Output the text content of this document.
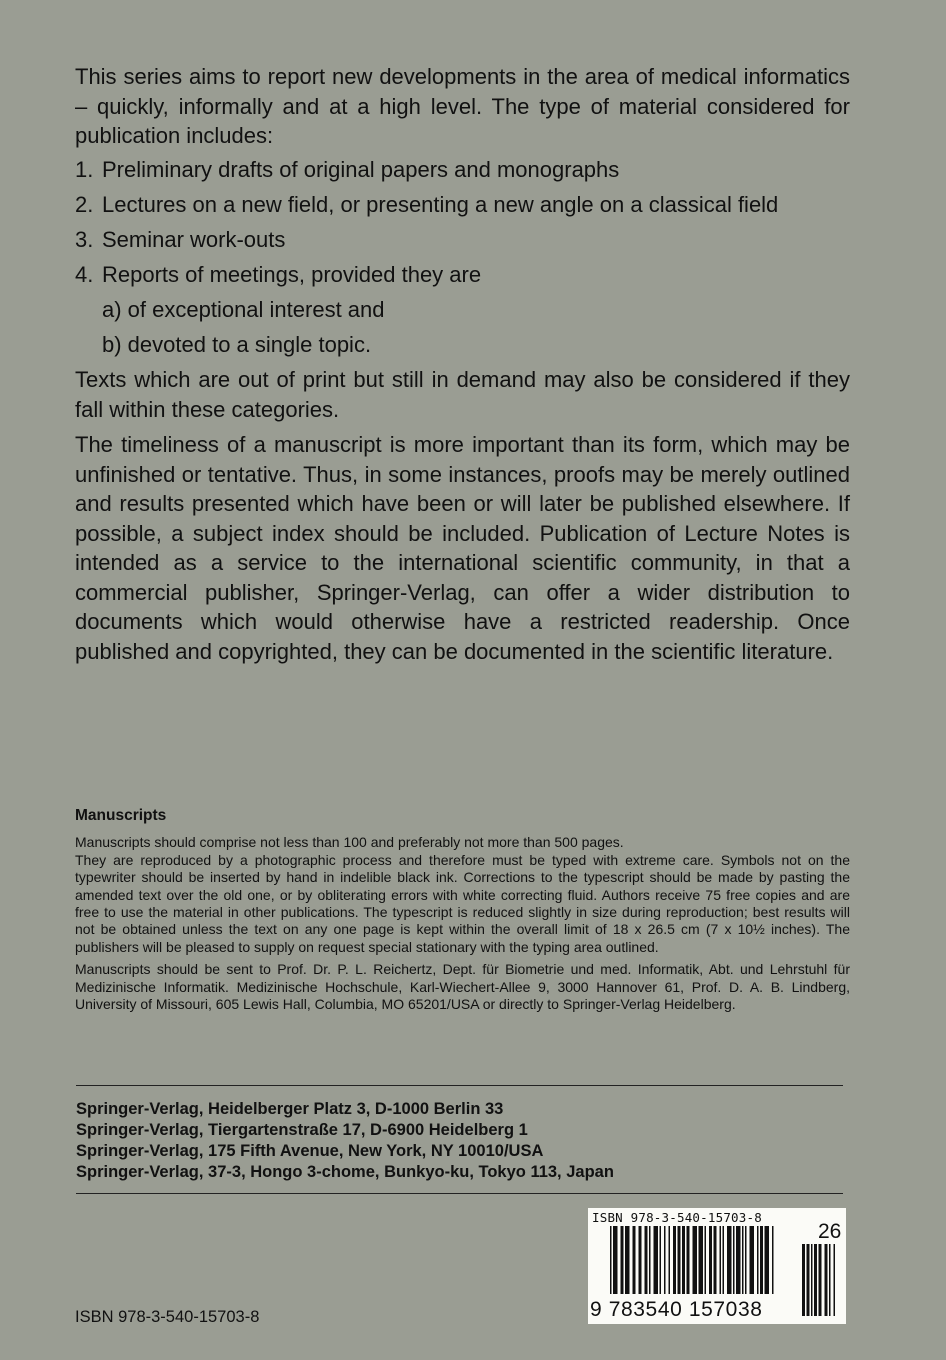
This series aims to report new developments in the area of medical informatics – quickly, informally and at a high level. The type of material considered for publication includes:

1. Preliminary drafts of original papers and monographs
2. Lectures on a new field, or presenting a new angle on a classical field
3. Seminar work-outs
4. Reports of meetings, provided they are
a) of exceptional interest and
b) devoted to a single topic.

Texts which are out of print but still in demand may also be considered if they fall within these categories.

The timeliness of a manuscript is more important than its form, which may be unfinished or tentative. Thus, in some instances, proofs may be merely outlined and results presented which have been or will later be published elsewhere. If possible, a subject index should be included. Publication of Lecture Notes is intended as a service to the international scientific community, in that a commercial publisher, Springer-Verlag, can offer a wider distribution to documents which would otherwise have a restricted readership. Once published and copyrighted, they can be documented in the scientific literature.

Manuscripts

Manuscripts should comprise not less than 100 and preferably not more than 500 pages.

They are reproduced by a photographic process and therefore must be typed with extreme care. Symbols not on the typewriter should be inserted by hand in indelible black ink. Corrections to the typescript should be made by pasting the amended text over the old one, or by obliterating errors with white correcting fluid. Authors receive 75 free copies and are free to use the material in other publications. The typescript is reduced slightly in size during reproduction; best results will not be obtained unless the text on any one page is kept within the overall limit of 18 x 26.5 cm (7 x 10½ inches). The publishers will be pleased to supply on request special stationary with the typing area outlined.

Manuscripts should be sent to Prof. Dr. P. L. Reichertz, Dept. für Biometrie und med. Informatik, Abt. und Lehrstuhl für Medizinische Informatik. Medizinische Hochschule, Karl-Wiechert-Allee 9, 3000 Hannover 61, Prof. D. A. B. Lindberg, University of Missouri, 605 Lewis Hall, Columbia, MO 65201/USA or directly to Springer-Verlag Heidelberg.

Springer-Verlag, Heidelberger Platz 3, D-1000 Berlin 33
Springer-Verlag, Tiergartenstraße 17, D-6900 Heidelberg 1
Springer-Verlag, 175 Fifth Avenue, New York, NY 10010/USA
Springer-Verlag, 37-3, Hongo 3-chome, Bunkyo-ku, Tokyo 113, Japan
ISBN 978-3-540-15703-8
26
9 783540 157038
ISBN 978-3-540-15703-8
